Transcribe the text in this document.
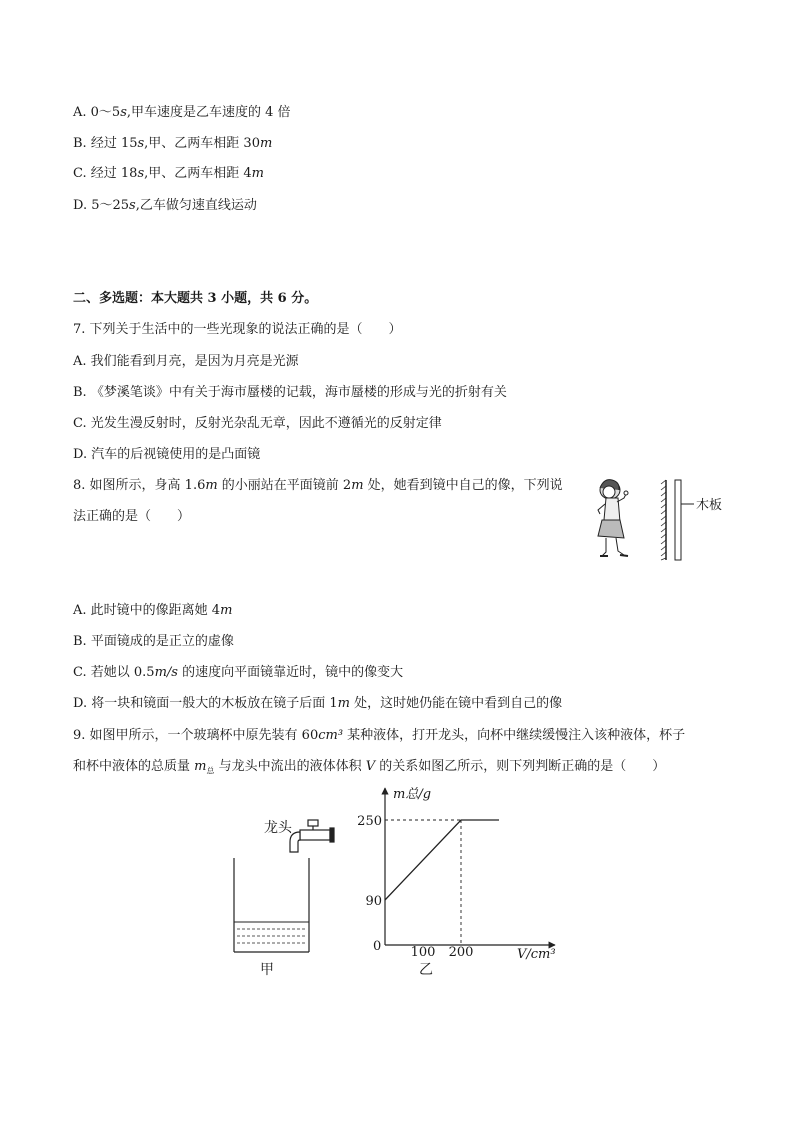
A. 0～5s,甲车速度是乙车速度的 4 倍
B. 经过 15s,甲、乙两车相距 30m
C. 经过 18s,甲、乙两车相距 4m
D. 5～25s,乙车做匀速直线运动
二、多选题：本大题共 3 小题，共 6 分。
7. 下列关于生活中的一些光现象的说法正确的是（　　）
A. 我们能看到月亮，是因为月亮是光源
B. 《梦溪笔谈》中有关于海市蜃楼的记载，海市蜃楼的形成与光的折射有关
C. 光发生漫反射时，反射光杂乱无章，因此不遵循光的反射定律
D. 汽车的后视镜使用的是凸面镜
8. 如图所示，身高 1.6m 的小丽站在平面镜前 2m 处，她看到镜中自己的像，下列说
法正确的是（　　）
木板
A. 此时镜中的像距离她 4m
B. 平面镜成的是正立的虚像
C. 若她以 0.5m/s 的速度向平面镜靠近时，镜中的像变大
D. 将一块和镜面一般大的木板放在镜子后面 1m 处，这时她仍能在镜中看到自己的像
9. 如图甲所示，一个玻璃杯中原先装有 60cm³ 某种液体，打开龙头，向杯中继续缓慢注入该种液体，杯子
和杯中液体的总质量 $m_总$ 与龙头中流出的液体体积 V 的关系如图乙所示，则下列判断正确的是（　　）
龙头
甲
100 200
90
250
m总/g
V/cm³
0
乙
